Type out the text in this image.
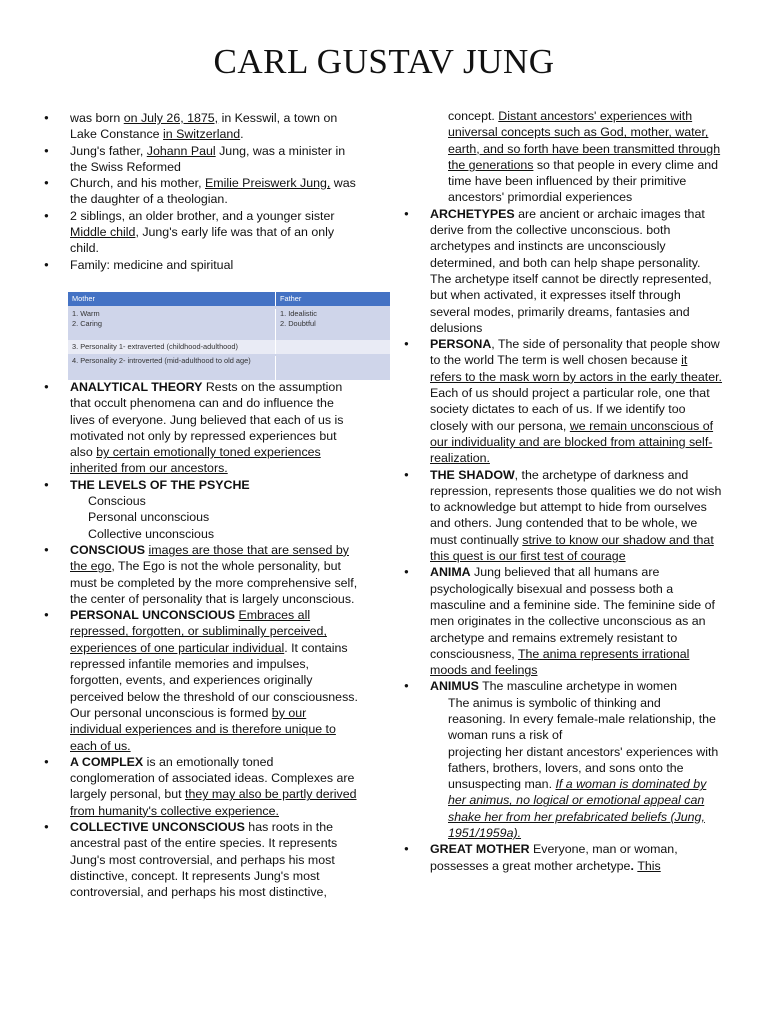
CARL GUSTAV JUNG
● was born on July 26, 1875, in Kesswil, a town on Lake Constance in Switzerland.
● Jung's father, Johann Paul Jung, was a minister in the Swiss Reformed
● Church, and his mother, Emilie Preiswerk Jung, was the daughter of a theologian.
● 2 siblings, an older brother, and a younger sister Middle child, Jung's early life was that of an only child.
● Family: medicine and spiritual
● ANALYTICAL THEORY Rests on the assumption that occult phenomena can and do influence the lives of everyone. Jung believed that each of us is motivated not only by repressed experiences but also by certain emotionally toned experiences inherited from our ancestors.
● THE LEVELS OF THE PSYCHE
Conscious
Personal unconscious
Collective unconscious
● CONSCIOUS images are those that are sensed by the ego, The Ego is not the whole personality, but must be completed by the more comprehensive self, the center of personality that is largely unconscious.
● PERSONAL UNCONSCIOUS Embraces all repressed, forgotten, or subliminally perceived, experiences of one particular individual. It contains repressed infantile memories and impulses, forgotten, events, and experiences originally perceived below the threshold of our consciousness. Our personal unconscious is formed by our individual experiences and is therefore unique to each of us.
● A COMPLEX is an emotionally toned conglomeration of associated ideas. Complexes are largely personal, but they may also be partly derived from humanity's collective experience.
● COLLECTIVE UNCONSCIOUS has roots in the ancestral past of the entire species. It represents Jung's most controversial, and perhaps his most distinctive, concept. It represents Jung's most controversial, and perhaps his most distinctive,
Mother	Father
1. Warm
2. Caring
1. Idealistic
2. Doubtful
3. Personality 1- extraverted (childhood-adulthood)
4. Personality 2- introverted (mid-adulthood to old age)
concept. Distant ancestors' experiences with universal concepts such as God, mother, water, earth, and so forth have been transmitted through the generations so that people in every clime and time have been influenced by their primitive ancestors' primordial experiences
● ARCHETYPES are ancient or archaic images that derive from the collective unconscious. both archetypes and instincts are unconsciously determined, and both can help shape personality. The archetype itself cannot be directly represented, but when activated, it expresses itself through several modes, primarily dreams, fantasies and delusions
● PERSONA, The side of personality that people show to the world The term is well chosen because it refers to the mask worn by actors in the early theater. Each of us should project a particular role, one that society dictates to each of us. If we identify too closely with our persona, we remain unconscious of our individuality and are blocked from attaining self-realization.
● THE SHADOW, the archetype of darkness and repression, represents those qualities we do not wish to acknowledge but attempt to hide from ourselves and others. Jung contended that to be whole, we must continually strive to know our shadow and that this quest is our first test of courage
● ANIMA Jung believed that all humans are psychologically bisexual and possess both a masculine and a feminine side. The feminine side of men originates in the collective unconscious as an archetype and remains extremely resistant to consciousness, The anima represents irrational moods and feelings
● ANIMUS The masculine archetype in women
The animus is symbolic of thinking and reasoning. In every female-male relationship, the woman runs a risk of
projecting her distant ancestors' experiences with fathers, brothers, lovers, and sons onto the unsuspecting man. If a woman is dominated by her animus, no logical or emotional appeal can shake her from her prefabricated beliefs (Jung, 1951/1959a).
● GREAT MOTHER Everyone, man or woman, possesses a great mother archetype. This
